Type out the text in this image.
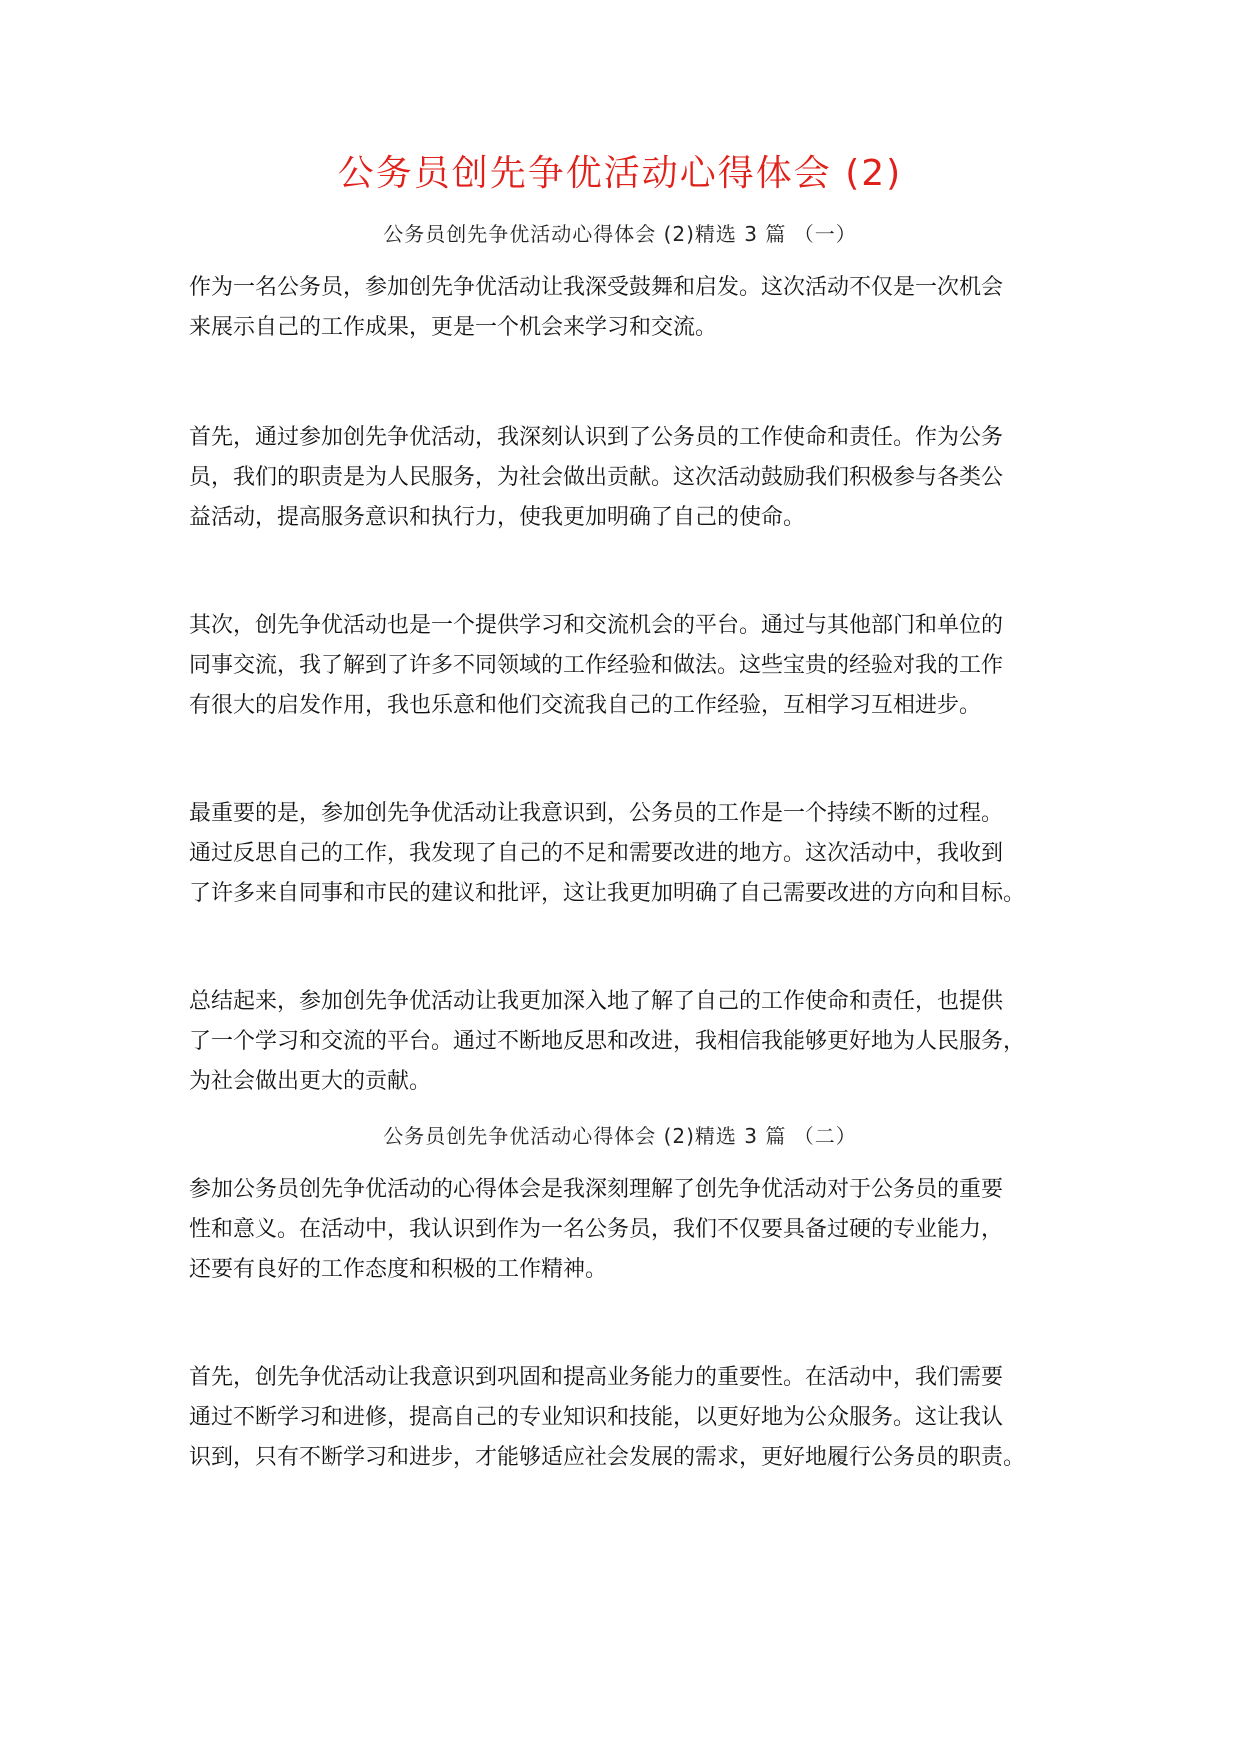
公务员创先争优活动心得体会 (2)

公务员创先争优活动心得体会 (2)精选 3 篇 （一）

作为一名公务员，参加创先争优活动让我深受鼓舞和启发。这次活动不仅是一次机会
来展示自己的工作成果，更是一个机会来学习和交流。

首先，通过参加创先争优活动，我深刻认识到了公务员的工作使命和责任。作为公务
员，我们的职责是为人民服务，为社会做出贡献。这次活动鼓励我们积极参与各类公
益活动，提高服务意识和执行力，使我更加明确了自己的使命。

其次，创先争优活动也是一个提供学习和交流机会的平台。通过与其他部门和单位的
同事交流，我了解到了许多不同领域的工作经验和做法。这些宝贵的经验对我的工作
有很大的启发作用，我也乐意和他们交流我自己的工作经验，互相学习互相进步。

最重要的是，参加创先争优活动让我意识到，公务员的工作是一个持续不断的过程。
通过反思自己的工作，我发现了自己的不足和需要改进的地方。这次活动中，我收到
了许多来自同事和市民的建议和批评，这让我更加明确了自己需要改进的方向和目标。

总结起来，参加创先争优活动让我更加深入地了解了自己的工作使命和责任，也提供
了一个学习和交流的平台。通过不断地反思和改进，我相信我能够更好地为人民服务，
为社会做出更大的贡献。

公务员创先争优活动心得体会 (2)精选 3 篇 （二）

参加公务员创先争优活动的心得体会是我深刻理解了创先争优活动对于公务员的重要
性和意义。在活动中，我认识到作为一名公务员，我们不仅要具备过硬的专业能力，
还要有良好的工作态度和积极的工作精神。

首先，创先争优活动让我意识到巩固和提高业务能力的重要性。在活动中，我们需要
通过不断学习和进修，提高自己的专业知识和技能，以更好地为公众服务。这让我认
识到，只有不断学习和进步，才能够适应社会发展的需求，更好地履行公务员的职责。
